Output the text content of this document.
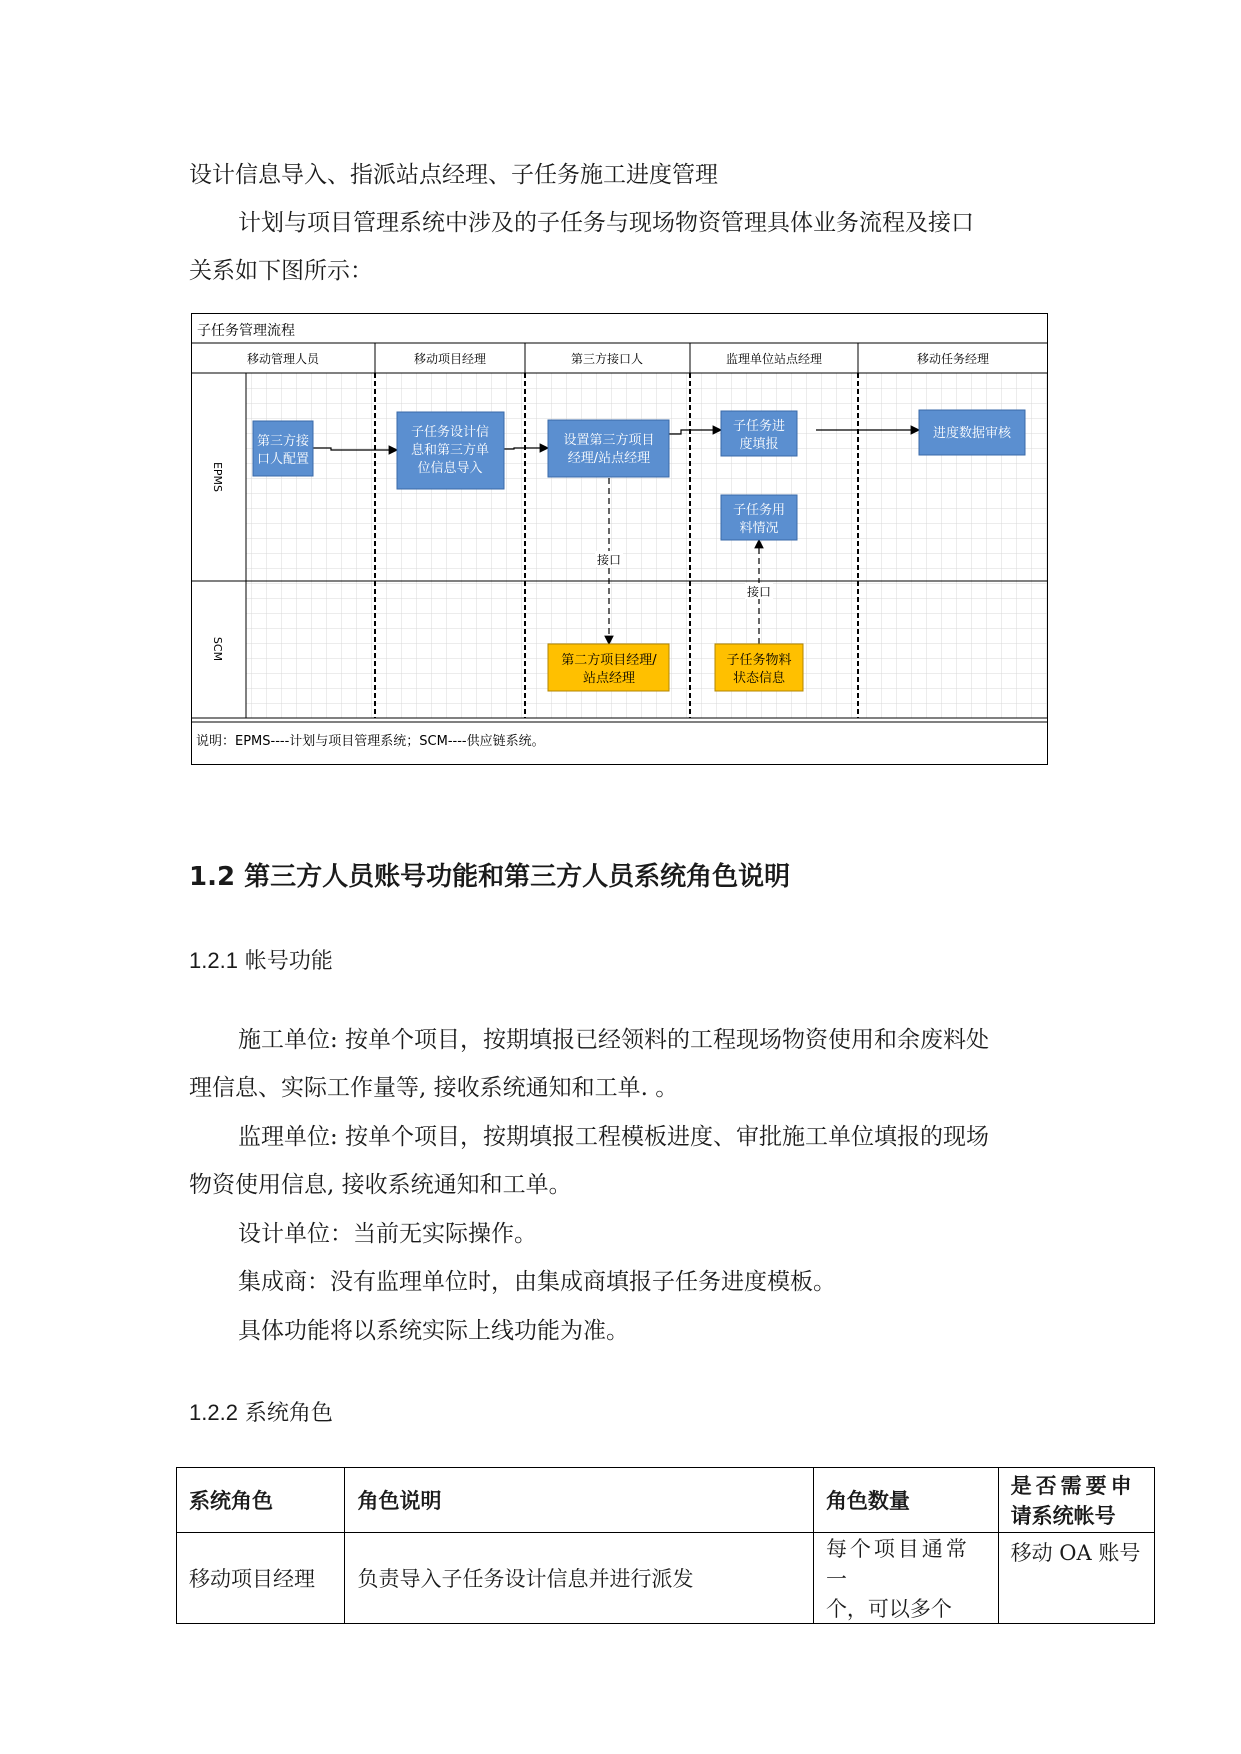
设计信息导入、指派站点经理、子任务施工进度管理
计划与项目管理系统中涉及的子任务与现场物资管理具体业务流程及接口
关系如下图所示：
子任务管理流程
移动管理人员	移动项目经理	第三方接口人	监理单位站点经理	移动任务经理
EPMS
SCM
接口
接口
第三方接
口人配置
子任务设计信
息和第三方单
位信息导入
设置第三方项目
经理/站点经理
子任务进
度填报
进度数据审核
子任务用
料情况
第二方项目经理/
站点经理
子任务物料
状态信息
说明：EPMS----计划与项目管理系统；SCM----供应链系统。
1.2 第三方人员账号功能和第三方人员系统角色说明
1.2.1 帐号功能
施工单位: 按单个项目，按期填报已经领料的工程现场物资使用和余废料处
理信息、实际工作量等, 接收系统通知和工单. 。
监理单位: 按单个项目，按期填报工程模板进度、审批施工单位填报的现场
物资使用信息, 接收系统通知和工单。
设计单位：当前无实际操作。
集成商：没有监理单位时，由集成商填报子任务进度模板。
具体功能将以系统实际上线功能为准。
1.2.2 系统角色
系统角色	角色说明	角色数量	是否需要申
请系统帐号

移动项目经理	负责导入子任务设计信息并进行派发	每个项目通常一
个，可以多个	移动 OA 账号
